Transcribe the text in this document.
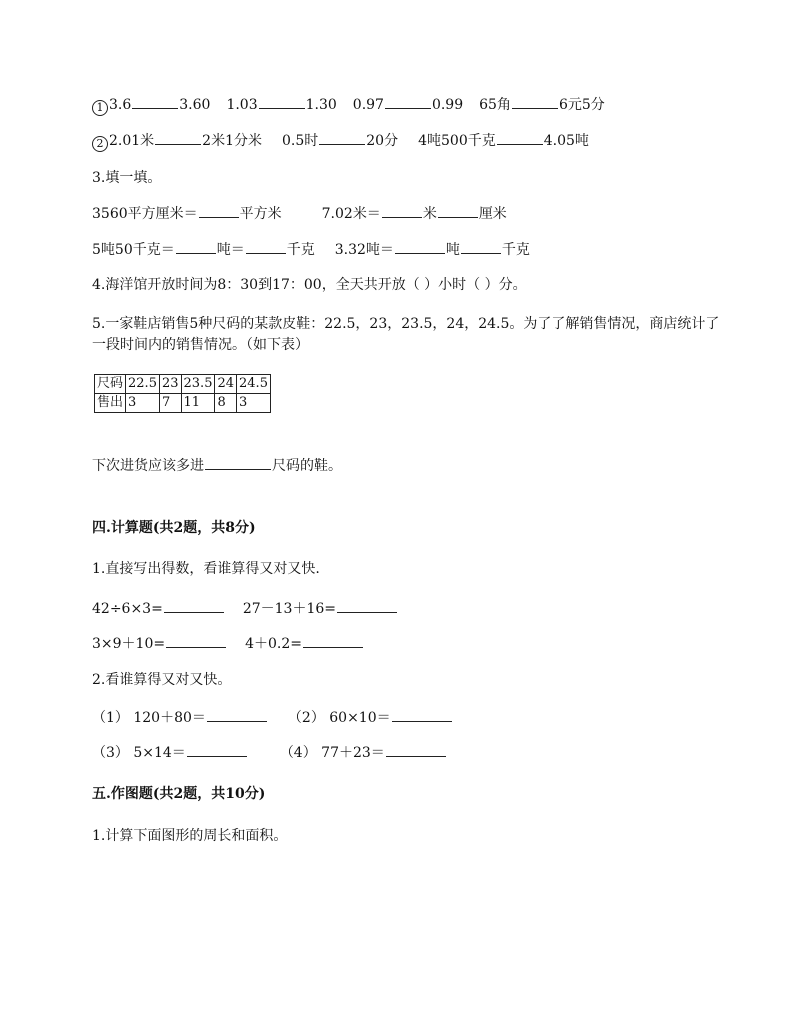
1 3.6	3.60 1.03	1.30 0.97	0.99 65角	6元5分
2 2.01米	2米1分米 0.5时	20分 4吨500千克	4.05吨
3.填一填。
3560平方厘米＝	平方米	7.02米＝	米	厘米
5吨50千克＝	吨＝	千克 3.32吨＝	吨	千克
4.海洋馆开放时间为8：30到17：00，全天共开放（ ）小时（ ）分。
5.一家鞋店销售5种尺码的某款皮鞋：22.5，23，23.5，24，24.5。为了了解销售情况，商店统计了一段时间内的销售情况。（如下表）
尺码	22.5	23	23.5	24	24.5
售出	3	7	11	8	3
下次进货应该多进	尺码的鞋。
四.计算题(共2题，共8分)
1.直接写出得数，看谁算得又对又快.
42÷6×3=	27－13＋16=
3×9＋10=	4＋0.2=
2.看谁算得又对又快。
（1） 120＋80＝	（2） 60×10＝
（3） 5×14＝	（4） 77＋23＝
五.作图题(共2题，共10分)
1.计算下面图形的周长和面积。
